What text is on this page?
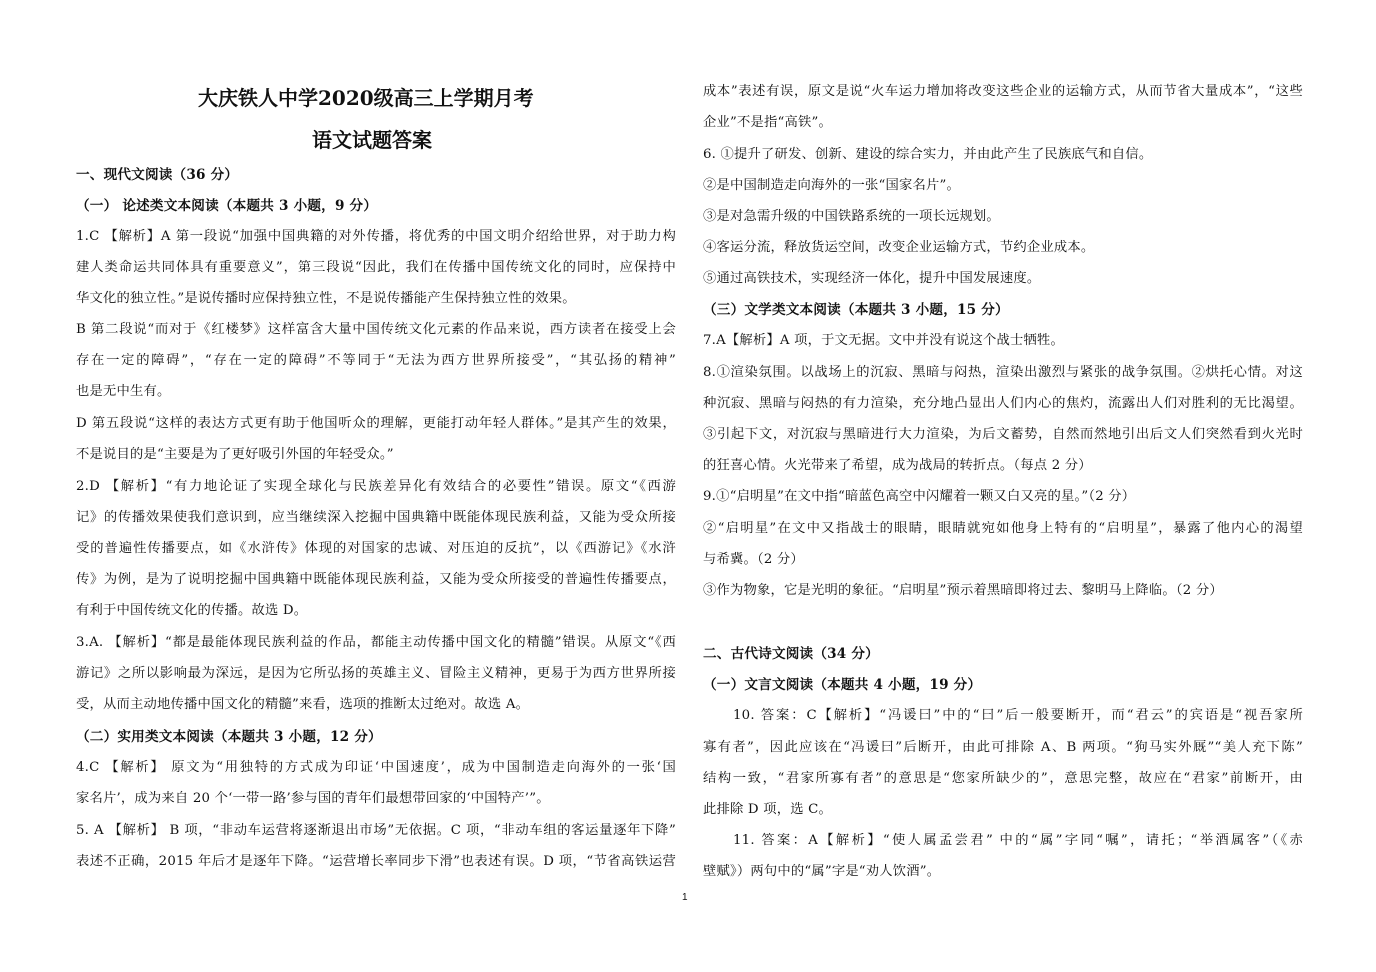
大庆铁人中学2020级高三上学期月考
语文试题答案
一、现代文阅读（36 分）
（一） 论述类文本阅读（本题共 3 小题，9 分）
1.C 【解析】A 第一段说“加强中国典籍的对外传播，将优秀的中国文明介绍给世界，对于助力构
建人类命运共同体具有重要意义”，第三段说“因此，我们在传播中国传统文化的同时，应保持中
华文化的独立性。”是说传播时应保持独立性，不是说传播能产生保持独立性的效果。
B 第二段说“而对于《红楼梦》这样富含大量中国传统文化元素的作品来说，西方读者在接受上会
存在一定的障碍”，“存在一定的障碍”不等同于“无法为西方世界所接受”，“其弘扬的精神”
也是无中生有。
D 第五段说“这样的表达方式更有助于他国听众的理解，更能打动年轻人群体。”是其产生的效果，
不是说目的是“主要是为了更好吸引外国的年轻受众。”
2.D 【解析】“有力地论证了实现全球化与民族差异化有效结合的必要性”错误。原文“《西游
记》的传播效果使我们意识到，应当继续深入挖掘中国典籍中既能体现民族利益，又能为受众所接
受的普遍性传播要点，如《水浒传》体现的对国家的忠诚、对压迫的反抗”，以《西游记》《水浒
传》为例，是为了说明挖掘中国典籍中既能体现民族利益，又能为受众所接受的普遍性传播要点，
有利于中国传统文化的传播。故选 D。
3.A. 【解析】“都是最能体现民族利益的作品，都能主动传播中国文化的精髓”错误。从原文“《西
游记》之所以影响最为深远，是因为它所弘扬的英雄主义、冒险主义精神，更易于为西方世界所接
受，从而主动地传播中国文化的精髓”来看，选项的推断太过绝对。故选 A。
（二）实用类文本阅读（本题共 3 小题，12 分）
4.C 【解析】 原文为“用独特的方式成为印证‘中国速度’，成为中国制造走向海外的一张‘国
家名片’，成为来自 20 个‘一带一路’参与国的青年们最想带回家的‘中国特产’”。
5. A 【解析】 B 项，“非动车运营将逐渐退出市场”无依据。C 项，“非动车组的客运量逐年下降”
表述不正确，2015 年后才是逐年下降。“运营增长率同步下滑”也表述有误。D 项，“节省高铁运营
成本”表述有误，原文是说“火车运力增加将改变这些企业的运输方式，从而节省大量成本”，“这些
企业”不是指“高铁”。
6. ①提升了研发、创新、建设的综合实力，并由此产生了民族底气和自信。
②是中国制造走向海外的一张“国家名片”。
③是对急需升级的中国铁路系统的一项长远规划。
④客运分流，释放货运空间，改变企业运输方式，节约企业成本。
⑤通过高铁技术，实现经济一体化，提升中国发展速度。
（三）文学类文本阅读（本题共 3 小题，15 分）
7.A【解析】A 项，于文无据。文中并没有说这个战士牺牲。
8.①渲染氛围。以战场上的沉寂、黑暗与闷热，渲染出激烈与紧张的战争氛围。②烘托心情。对这
种沉寂、黑暗与闷热的有力渲染，充分地凸显出人们内心的焦灼，流露出人们对胜利的无比渴望。
③引起下文，对沉寂与黑暗进行大力渲染，为后文蓄势，自然而然地引出后文人们突然看到火光时
的狂喜心情。火光带来了希望，成为战局的转折点。（每点 2 分）
9.①“启明星”在文中指“暗蓝色高空中闪耀着一颗又白又亮的星。”（2 分）
②“启明星”在文中又指战士的眼睛，眼睛就宛如他身上特有的“启明星”，暴露了他内心的渴望
与希冀。（2 分）
③作为物象，它是光明的象征。“启明星”预示着黑暗即将过去、黎明马上降临。（2 分）
二、古代诗文阅读（34 分）
（一）文言文阅读（本题共 4 小题，19 分）
10. 答案：C【解析】“冯谖曰”中的“曰”后一般要断开，而“君云”的宾语是“视吾家所
寡有者”，因此应该在“冯谖曰”后断开，由此可排除 A、B 两项。“狗马实外厩”“美人充下陈”
结构一致，“君家所寡有者”的意思是“您家所缺少的”，意思完整，故应在“君家”前断开，由
此排除 D 项，选 C。
11. 答案：A【解析】“使人属孟尝君” 中的“属”字同“嘱”，请托；“举酒属客”（《赤
壁赋》）两句中的“属”字是“劝人饮酒”。
1
